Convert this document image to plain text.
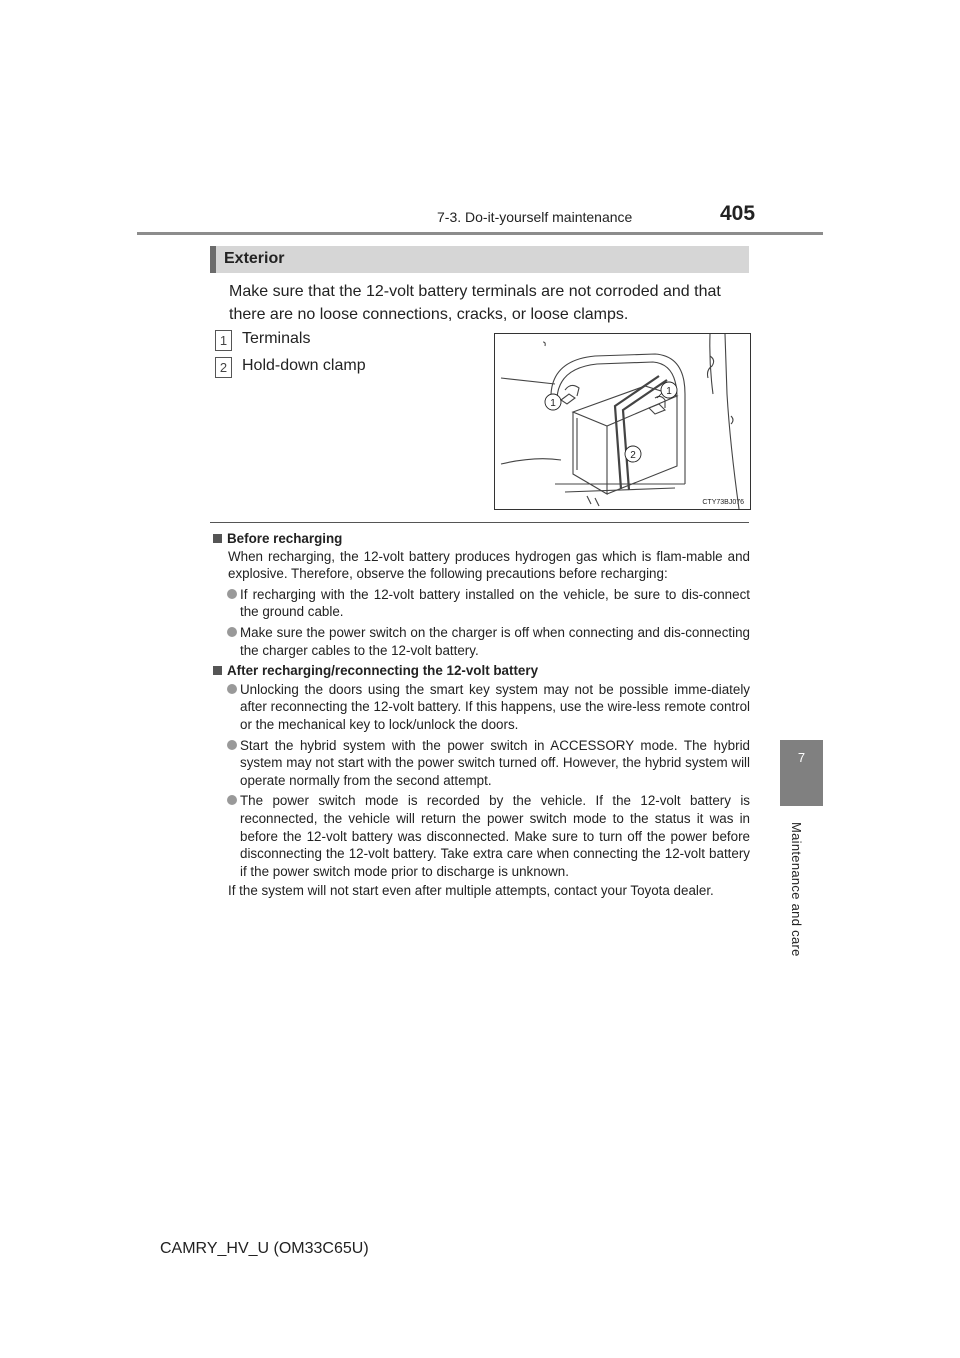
7-3. Do-it-yourself maintenance	405
7
Maintenance and care
Exterior
Make sure that the 12-volt battery terminals are not corroded and that there are no loose connections, cracks, or loose clamps.
1 Terminals
2 Hold-down clamp
1
1
2
CTY73BJ076

Before recharging

When recharging, the 12-volt battery produces hydrogen gas which is flam-mable and explosive. Therefore, observe the following precautions before recharging:

If recharging with the 12-volt battery installed on the vehicle, be sure to dis-connect the ground cable.
Make sure the power switch on the charger is off when connecting and dis-connecting the charger cables to the 12-volt battery.

After recharging/reconnecting the 12-volt battery

Unlocking the doors using the smart key system may not be possible imme-diately after reconnecting the 12-volt battery. If this happens, use the wire-less remote control or the mechanical key to lock/unlock the doors.
Start the hybrid system with the power switch in ACCESSORY mode. The hybrid system may not start with the power switch turned off. However, the hybrid system will operate normally from the second attempt.
The power switch mode is recorded by the vehicle. If the 12-volt battery is reconnected, the vehicle will return the power switch mode to the status it was in before the 12-volt battery was disconnected. Make sure to turn off the power before disconnecting the 12-volt battery. Take extra care when connecting the 12-volt battery if the power switch mode prior to discharge is unknown.

If the system will not start even after multiple attempts, contact your Toyota dealer.

CAMRY_HV_U (OM33C65U)
